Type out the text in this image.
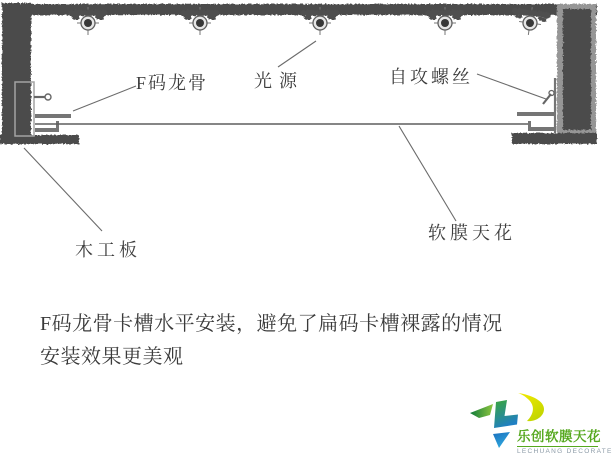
F码龙骨	光源	自攻螺丝
软膜天花
木工板
F码龙骨卡槽水平安装，避免了扁码卡槽裸露的情况
安装效果更美观
乐创软膜天花
LECHUANG DECORATE
